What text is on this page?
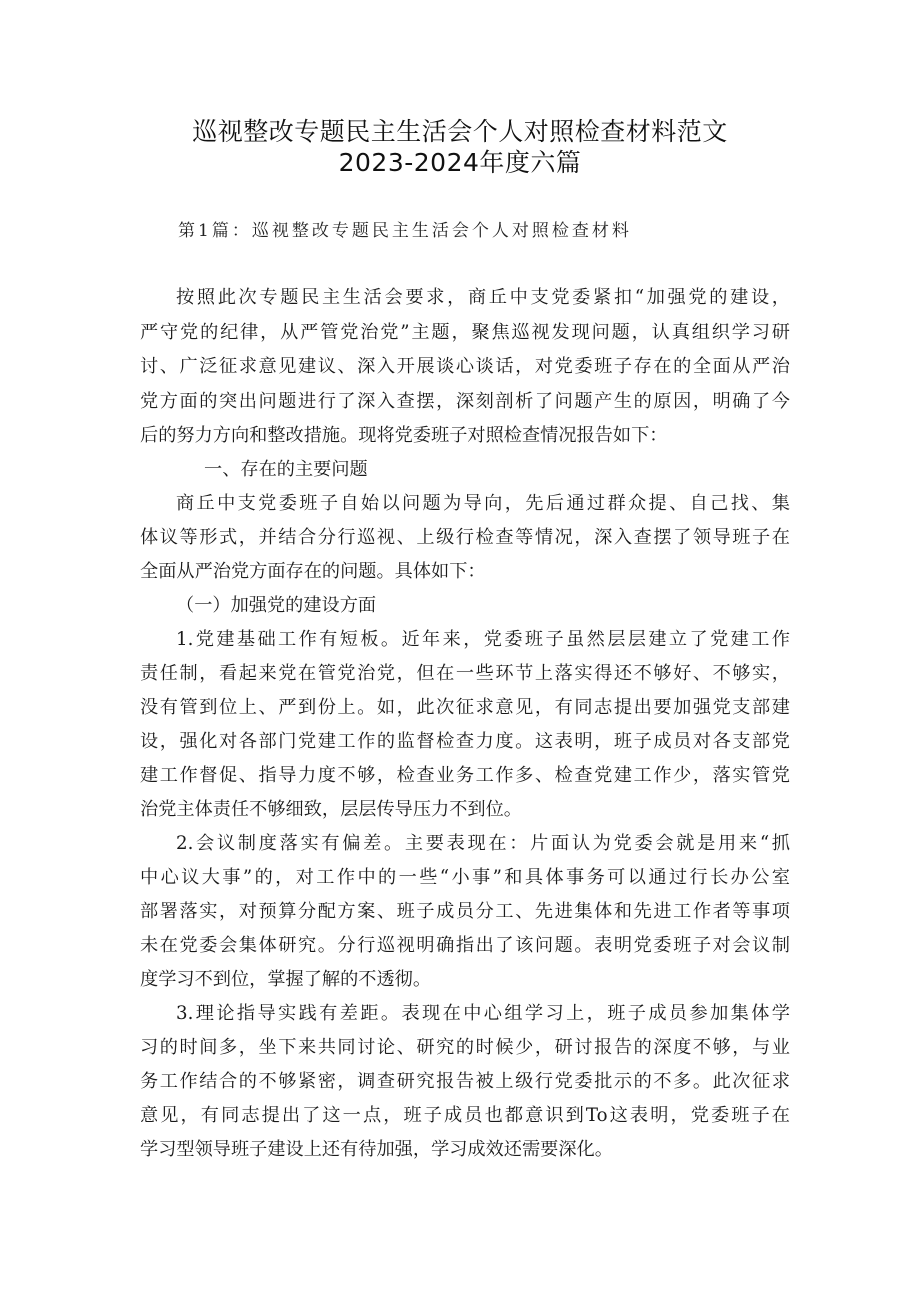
巡视整改专题民主生活会个人对照检查材料范文
2023-2024年度六篇
第1篇：巡视整改专题民主生活会个人对照检查材料
按照此次专题民主生活会要求，商丘中支党委紧扣“加强党的建设，
严守党的纪律，从严管党治党”主题，聚焦巡视发现问题，认真组织学习研
讨、广泛征求意见建议、深入开展谈心谈话，对党委班子存在的全面从严治
党方面的突出问题进行了深入查摆，深刻剖析了问题产生的原因，明确了今
后的努力方向和整改措施。现将党委班子对照检查情况报告如下：
一、存在的主要问题
商丘中支党委班子自始以问题为导向，先后通过群众提、自己找、集
体议等形式，并结合分行巡视、上级行检查等情况，深入查摆了领导班子在
全面从严治党方面存在的问题。具体如下：
（一）加强党的建设方面
1.党建基础工作有短板。近年来，党委班子虽然层层建立了党建工作
责任制，看起来党在管党治党，但在一些环节上落实得还不够好、不够实，
没有管到位上、严到份上。如，此次征求意见，有同志提出要加强党支部建
设，强化对各部门党建工作的监督检查力度。这表明，班子成员对各支部党
建工作督促、指导力度不够，检查业务工作多、检查党建工作少，落实管党
治党主体责任不够细致，层层传导压力不到位。
2.会议制度落实有偏差。主要表现在：片面认为党委会就是用来“抓
中心议大事”的，对工作中的一些“小事”和具体事务可以通过行长办公室
部署落实，对预算分配方案、班子成员分工、先进集体和先进工作者等事项
未在党委会集体研究。分行巡视明确指出了该问题。表明党委班子对会议制
度学习不到位，掌握了解的不透彻。
3.理论指导实践有差距。表现在中心组学习上，班子成员参加集体学
习的时间多，坐下来共同讨论、研究的时候少，研讨报告的深度不够，与业
务工作结合的不够紧密，调查研究报告被上级行党委批示的不多。此次征求
意见，有同志提出了这一点，班子成员也都意识到To这表明，党委班子在
学习型领导班子建设上还有待加强，学习成效还需要深化。
